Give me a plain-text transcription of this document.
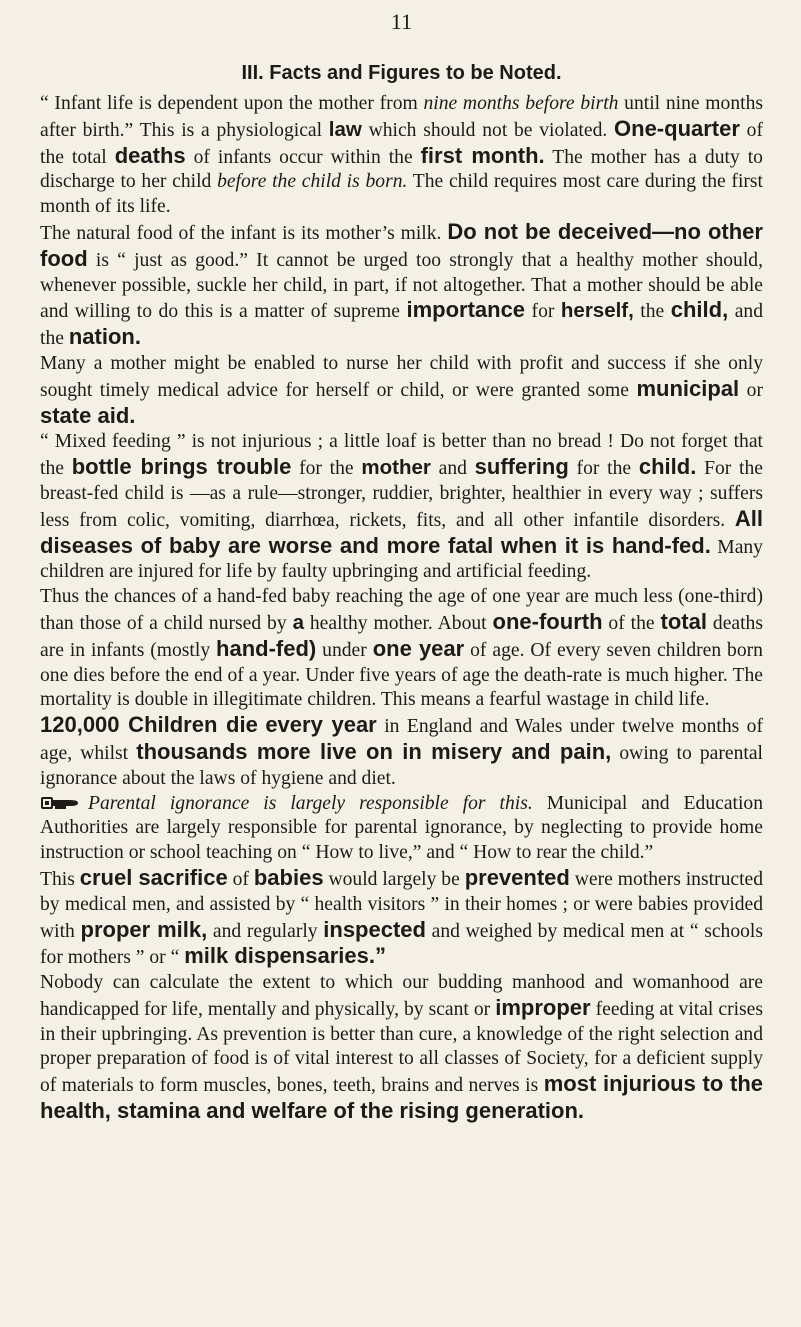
11
III. Facts and Figures to be Noted.

“ Infant life is dependent upon the mother from nine months before birth until nine months after birth.” This is a physiological law which should not be violated. One-quarter of the total deaths of infants occur within the first month. The mother has a duty to discharge to her child before the child is born. The child requires most care during the first month of its life.

The natural food of the infant is its mother’s milk. Do not be deceived—no other food is “ just as good.” It cannot be urged too strongly that a healthy mother should, whenever possible, suckle her child, in part, if not altogether. That a mother should be able and willing to do this is a matter of supreme importance for herself, the child, and the nation.

Many a mother might be enabled to nurse her child with profit and success if she only sought timely medical advice for herself or child, or were granted some municipal or state aid.

“ Mixed feeding ” is not injurious ; a little loaf is better than no bread ! Do not forget that the bottle brings trouble for the mother and suffering for the child. For the breast-fed child is —as a rule—stronger, ruddier, brighter, healthier in every way ; suffers less from colic, vomiting, diarrhœa, rickets, fits, and all other infantile disorders. All diseases of baby are worse and more fatal when it is hand-fed. Many children are injured for life by faulty upbringing and artificial feeding.

Thus the chances of a hand-fed baby reaching the age of one year are much less (one-third) than those of a child nursed by a healthy mother. About one-fourth of the total deaths are in infants (mostly hand-fed) under one year of age. Of every seven children born one dies before the end of a year. Under five years of age the death-rate is much higher. The mortality is double in illegitimate children. This means a fearful wastage in child life.

120,000 Children die every year in England and Wales under twelve months of age, whilst thousands more live on in misery and pain, owing to parental ignorance about the laws of hygiene and diet.

Parental ignorance is largely responsible for this. Municipal and Education Authorities are largely responsible for parental ignorance, by neglecting to provide home instruction or school teaching on “ How to live,” and “ How to rear the child.”

This cruel sacrifice of babies would largely be prevented were mothers instructed by medical men, and assisted by “ health visitors ” in their homes ; or were babies provided with proper milk, and regularly inspected and weighed by medical men at “ schools for mothers ” or “ milk dispensaries.”

Nobody can calculate the extent to which our budding manhood and womanhood are handicapped for life, mentally and physically, by scant or improper feeding at vital crises in their upbringing. As prevention is better than cure, a knowledge of the right selection and proper preparation of food is of vital interest to all classes of Society, for a deficient supply of materials to form muscles, bones, teeth, brains and nerves is most injurious to the health, stamina and welfare of the rising generation.
